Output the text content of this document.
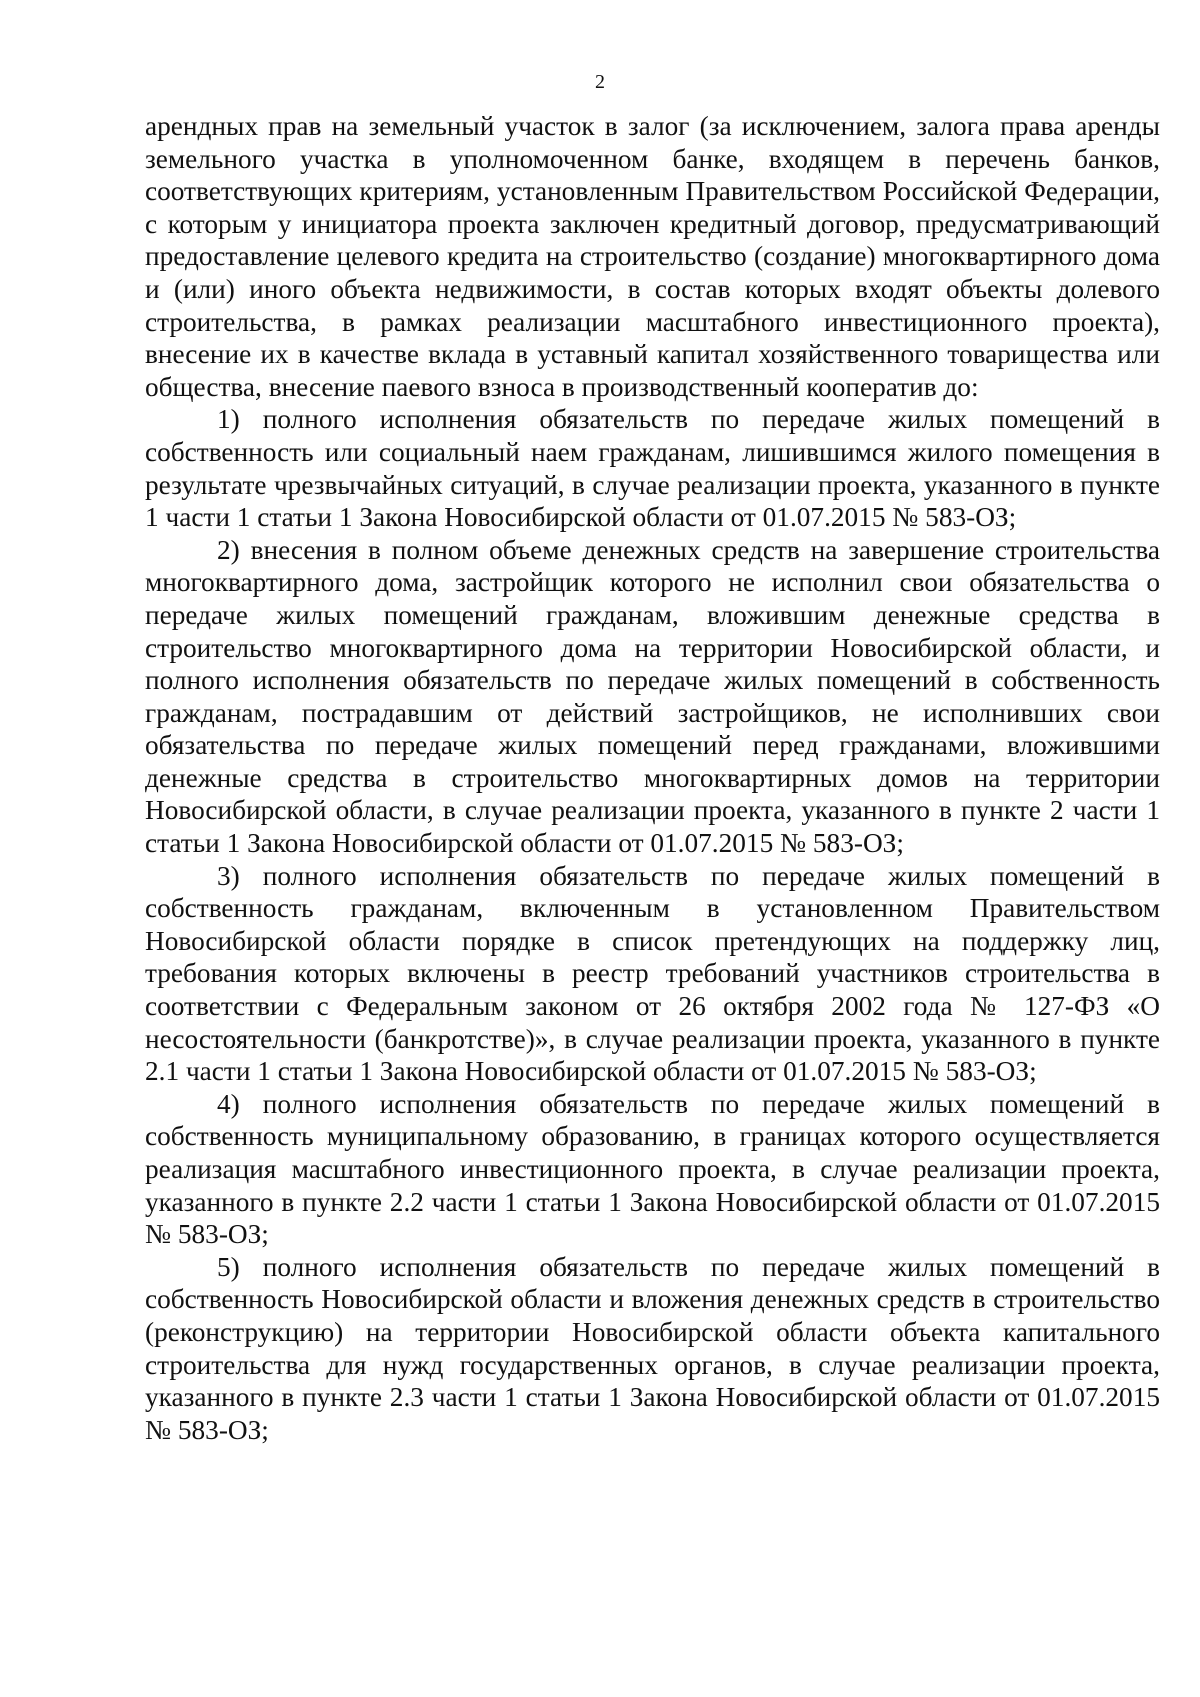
2

арендных прав на земельный участок в залог (за исключением, залога права аренды земельного участка в уполномоченном банке, входящем в перечень банков, соответствующих критериям, установленным Правительством Российской Федерации, с которым у инициатора проекта заключен кредитный договор, предусматривающий предоставление целевого кредита на строительство (создание) многоквартирного дома и (или) иного объекта недвижимости, в состав которых входят объекты долевого строительства, в рамках реализации масштабного инвестиционного проекта), внесение их в качестве вклада в уставный капитал хозяйственного товарищества или общества, внесение паевого взноса в производственный кооператив до:

1) полного исполнения обязательств по передаче жилых помещений в собственность или социальный наем гражданам, лишившимся жилого помещения в результате чрезвычайных ситуаций, в случае реализации проекта, указанного в пункте 1 части 1 статьи 1 Закона Новосибирской области от 01.07.2015 № 583-ОЗ;

2) внесения в полном объеме денежных средств на завершение строительства многоквартирного дома, застройщик которого не исполнил свои обязательства о передаче жилых помещений гражданам, вложившим денежные средства в строительство многоквартирного дома на территории Новосибирской области, и полного исполнения обязательств по передаче жилых помещений в собственность гражданам, пострадавшим от действий застройщиков, не исполнивших свои обязательства по передаче жилых помещений перед гражданами, вложившими денежные средства в строительство многоквартирных домов на территории Новосибирской области, в случае реализации проекта, указанного в пункте 2 части 1 статьи 1 Закона Новосибирской области от 01.07.2015 № 583-ОЗ;

3) полного исполнения обязательств по передаче жилых помещений в собственность гражданам, включенным в установленном Правительством Новосибирской области порядке в список претендующих на поддержку лиц, требования которых включены в реестр требований участников строительства в соответствии с Федеральным законом от 26 октября 2002 года № 127-ФЗ «О несостоятельности (банкротстве)», в случае реализации проекта, указанного в пункте 2.1 части 1 статьи 1 Закона Новосибирской области от 01.07.2015 № 583-ОЗ;

4) полного исполнения обязательств по передаче жилых помещений в собственность муниципальному образованию, в границах которого осуществляется реализация масштабного инвестиционного проекта, в случае реализации проекта, указанного в пункте 2.2 части 1 статьи 1 Закона Новосибирской области от 01.07.2015 № 583-ОЗ;

5) полного исполнения обязательств по передаче жилых помещений в собственность Новосибирской области и вложения денежных средств в строительство (реконструкцию) на территории Новосибирской области объекта капитального строительства для нужд государственных органов, в случае реализации проекта, указанного в пункте 2.3 части 1 статьи 1 Закона Новосибирской области от 01.07.2015 № 583-ОЗ;
